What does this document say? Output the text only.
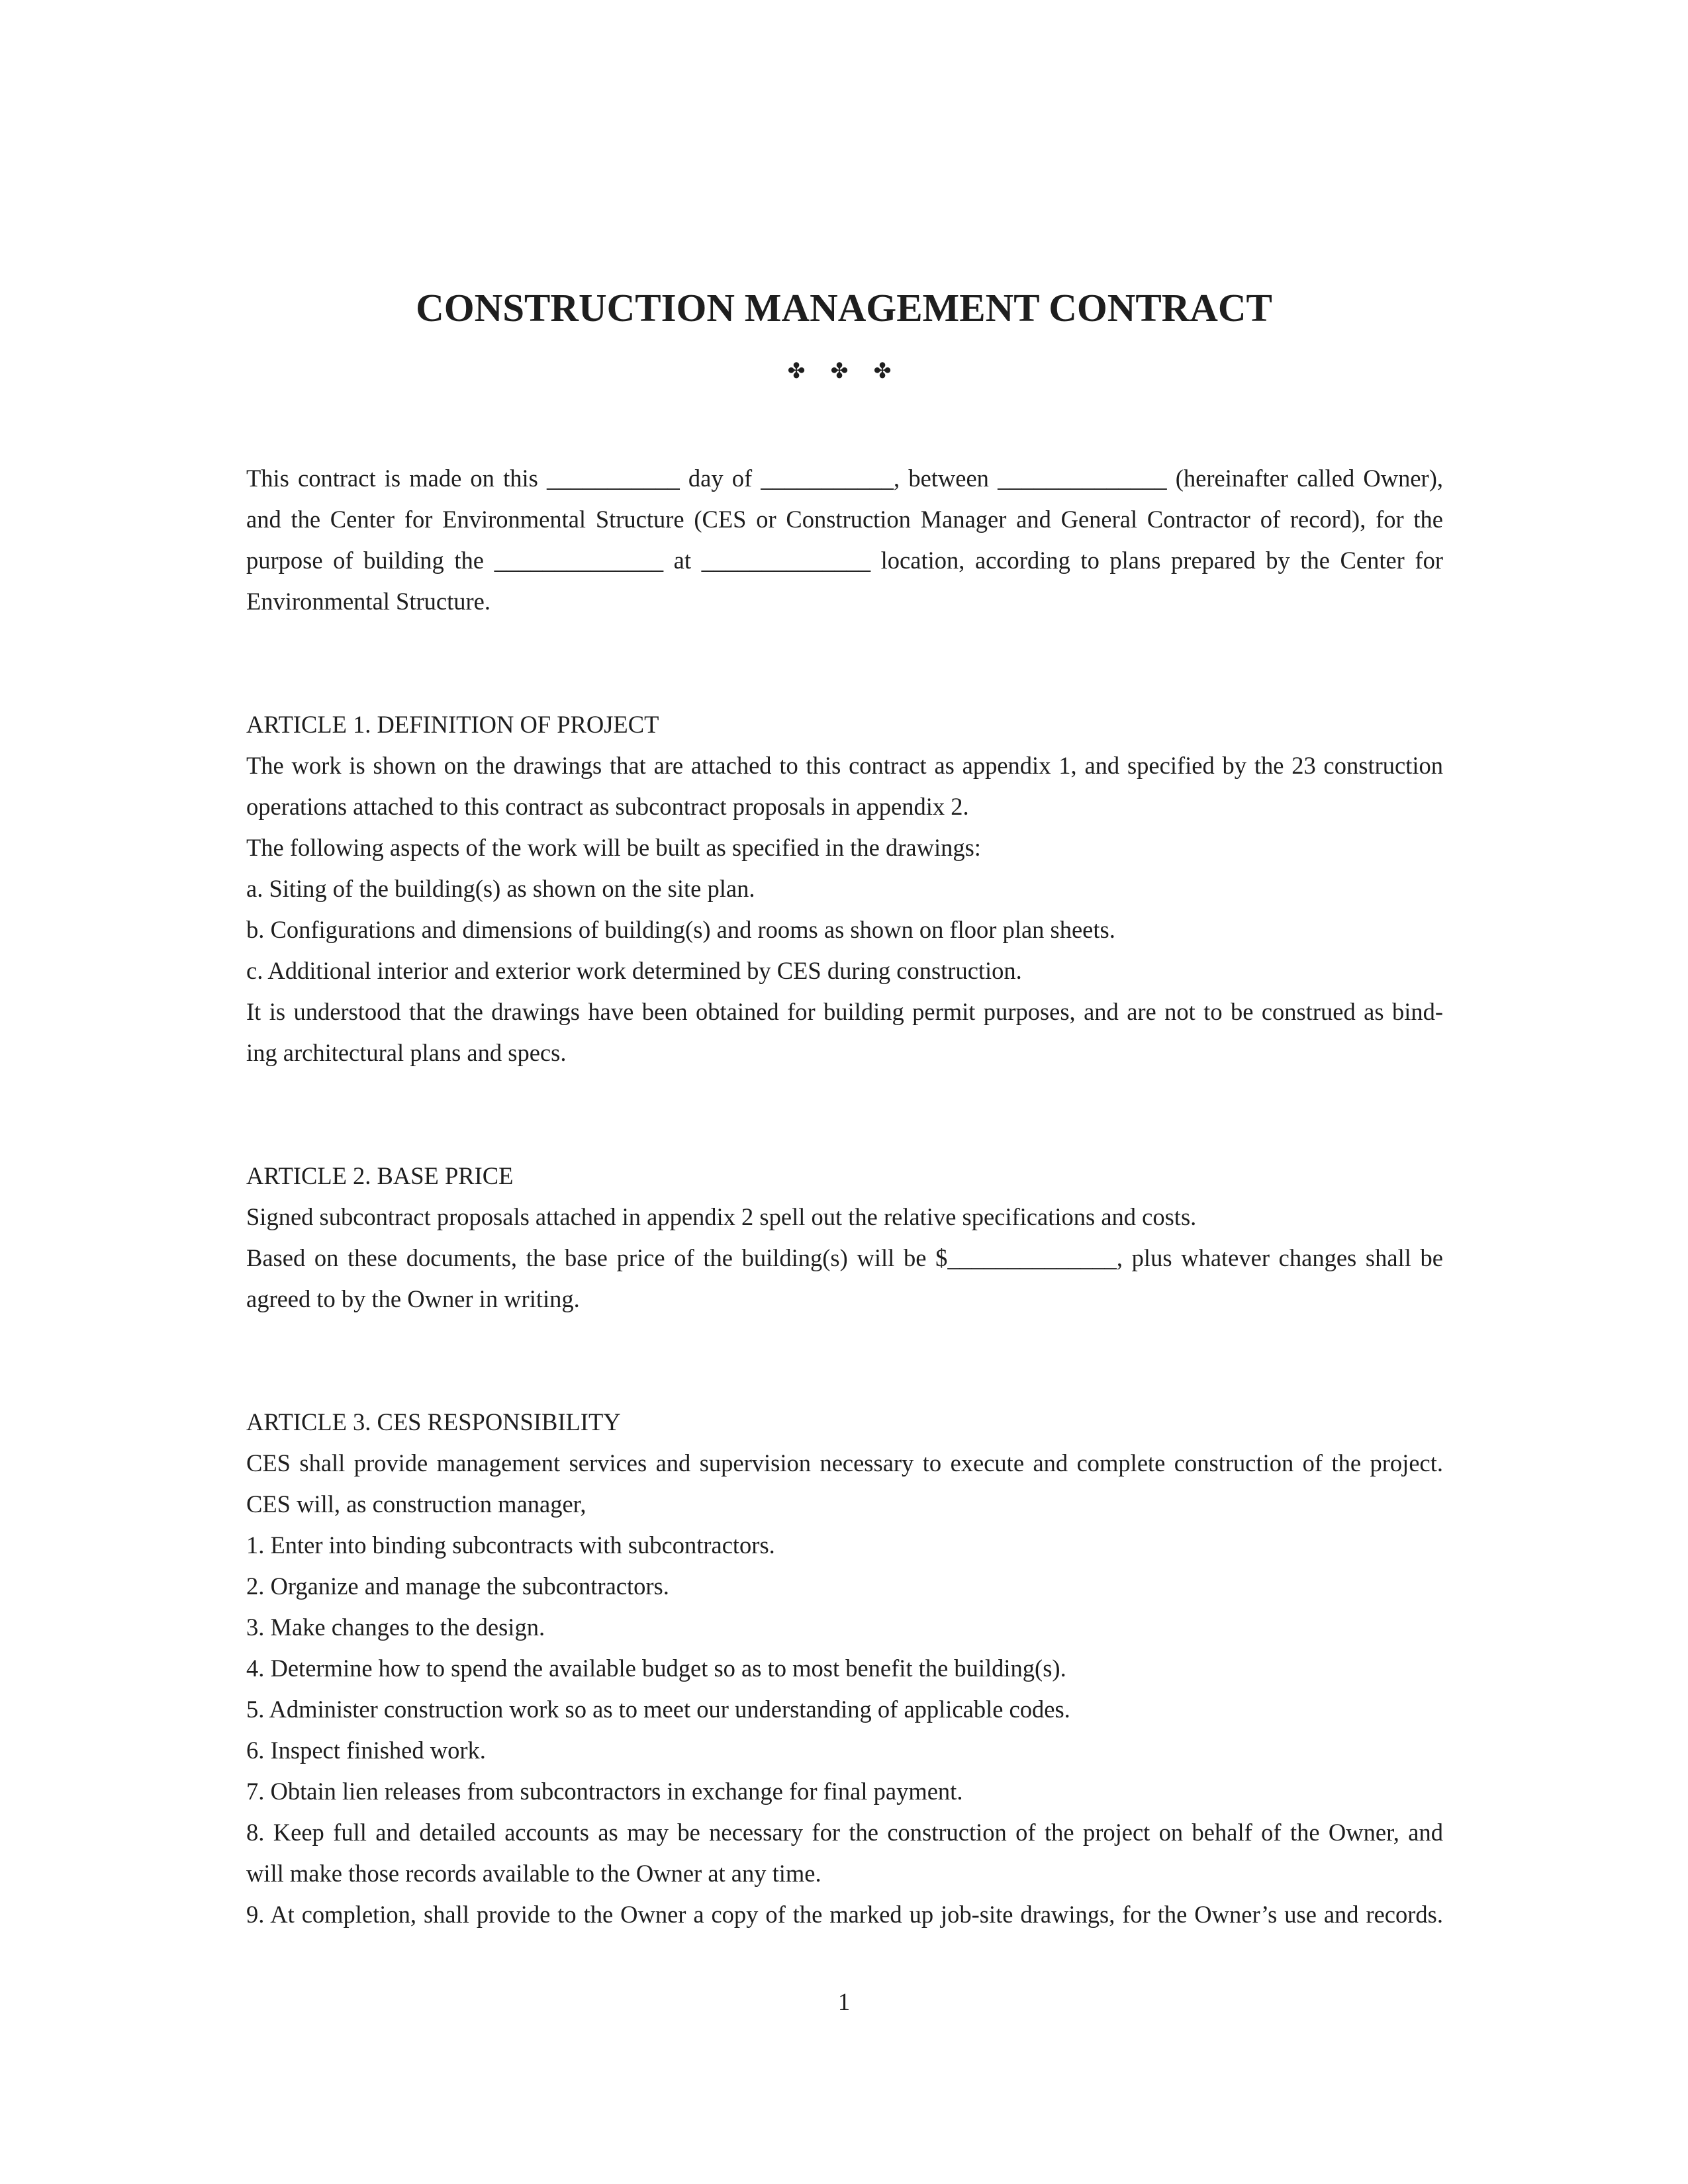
CONSTRUCTION MANAGEMENT CONTRACT
✤ ✤ ✤
This contract is made on this ___________ day of ___________, between ______________ (hereinafter called Owner),
and the Center for Environmental Structure (CES or Construction Manager and General Contractor of record), for the
purpose of building the ______________ at ______________ location, according to plans prepared by the Center for
Environmental Structure.
ARTICLE 1. DEFINITION OF PROJECT
The work is shown on the drawings that are attached to this contract as appendix 1, and specified by the 23 construction
operations attached to this contract as subcontract proposals in appendix 2.
The following aspects of the work will be built as specified in the drawings:
a. Siting of the building(s) as shown on the site plan.
b. Configurations and dimensions of building(s) and rooms as shown on floor plan sheets.
c. Additional interior and exterior work determined by CES during construction.
It is understood that the drawings have been obtained for building permit purposes, and are not to be construed as bind-
ing architectural plans and specs.
ARTICLE 2. BASE PRICE
Signed subcontract proposals attached in appendix 2 spell out the relative specifications and costs.
Based on these documents, the base price of the building(s) will be $______________, plus whatever changes shall be
agreed to by the Owner in writing.
ARTICLE 3. CES RESPONSIBILITY
CES shall provide management services and supervision necessary to execute and complete construction of the project.
CES will, as construction manager,
1. Enter into binding subcontracts with subcontractors.
2. Organize and manage the subcontractors.
3. Make changes to the design.
4. Determine how to spend the available budget so as to most benefit the building(s).
5. Administer construction work so as to meet our understanding of applicable codes.
6. Inspect finished work.
7. Obtain lien releases from subcontractors in exchange for final payment.
8. Keep full and detailed accounts as may be necessary for the construction of the project on behalf of the Owner, and
will make those records available to the Owner at any time.
9. At completion, shall provide to the Owner a copy of the marked up job-site drawings, for the Owner’s use and records.
1
